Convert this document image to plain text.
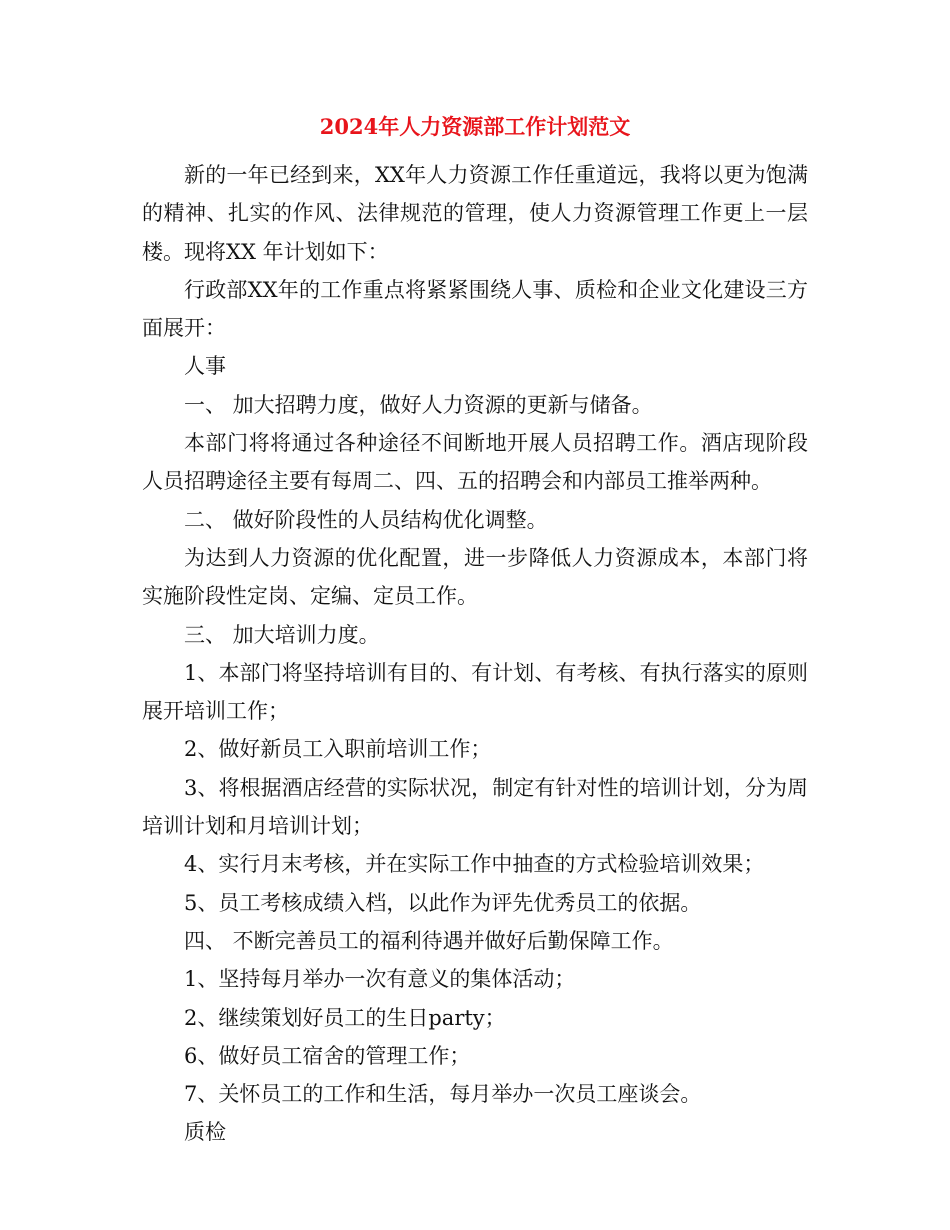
2024年人力资源部工作计划范文

新的一年已经到来，XX年人力资源工作任重道远，我将以更为饱满的精神、扎实的作风、法律规范的管理，使人力资源管理工作更上一层楼。现将XX 年计划如下：

行政部XX年的工作重点将紧紧围绕人事、质检和企业文化建设三方面展开：

人事

一、 加大招聘力度，做好人力资源的更新与储备。

本部门将将通过各种途径不间断地开展人员招聘工作。酒店现阶段人员招聘途径主要有每周二、四、五的招聘会和内部员工推举两种。

二、 做好阶段性的人员结构优化调整。

为达到人力资源的优化配置，进一步降低人力资源成本，本部门将实施阶段性定岗、定编、定员工作。

三、 加大培训力度。

1、本部门将坚持培训有目的、有计划、有考核、有执行落实的原则展开培训工作；

2、做好新员工入职前培训工作；

3、将根据酒店经营的实际状况，制定有针对性的培训计划，分为周培训计划和月培训计划；

4、实行月末考核，并在实际工作中抽查的方式检验培训效果；

5、员工考核成绩入档，以此作为评先优秀员工的依据。

四、 不断完善员工的福利待遇并做好后勤保障工作。

1、坚持每月举办一次有意义的集体活动；

2、继续策划好员工的生日party；

6、做好员工宿舍的管理工作；

7、关怀员工的工作和生活，每月举办一次员工座谈会。

质检
